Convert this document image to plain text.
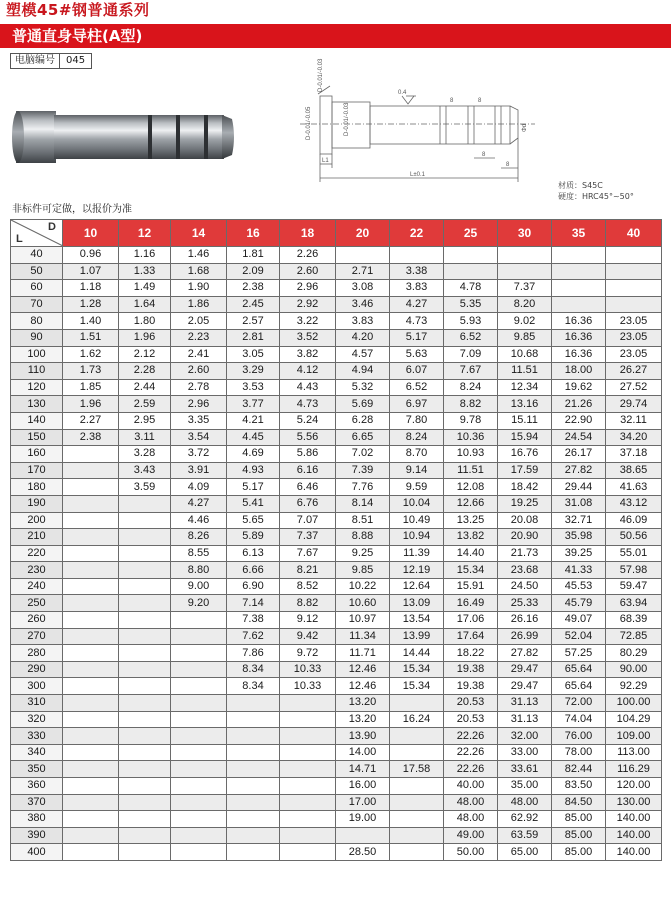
塑模45#钢普通系列
普通直身导柱(A型)
电脑编号	045
0.4
D-0.01/-0.03
D-0.01/-0.05	D-0.01/-0.03	Φd
L1
L±0.1
8
8
8	8
材质：S45C
硬度：HRC45°~50°
非标件可定做，以报价为准
D
L	10	12	14	16	18	20	22	25	30	35	40
40	0.96	1.16	1.46	1.81	2.26						
50	1.07	1.33	1.68	2.09	2.60	2.71	3.38				
60	1.18	1.49	1.90	2.38	2.96	3.08	3.83	4.78	7.37		
70	1.28	1.64	1.86	2.45	2.92	3.46	4.27	5.35	8.20		
80	1.40	1.80	2.05	2.57	3.22	3.83	4.73	5.93	9.02	16.36	23.05
90	1.51	1.96	2.23	2.81	3.52	4.20	5.17	6.52	9.85	16.36	23.05
100	1.62	2.12	2.41	3.05	3.82	4.57	5.63	7.09	10.68	16.36	23.05
110	1.73	2.28	2.60	3.29	4.12	4.94	6.07	7.67	11.51	18.00	26.27
120	1.85	2.44	2.78	3.53	4.43	5.32	6.52	8.24	12.34	19.62	27.52
130	1.96	2.59	2.96	3.77	4.73	5.69	6.97	8.82	13.16	21.26	29.74
140	2.27	2.95	3.35	4.21	5.24	6.28	7.80	9.78	15.11	22.90	32.11
150	2.38	3.11	3.54	4.45	5.56	6.65	8.24	10.36	15.94	24.54	34.20
160		3.28	3.72	4.69	5.86	7.02	8.70	10.93	16.76	26.17	37.18
170		3.43	3.91	4.93	6.16	7.39	9.14	11.51	17.59	27.82	38.65
180		3.59	4.09	5.17	6.46	7.76	9.59	12.08	18.42	29.44	41.63
190			4.27	5.41	6.76	8.14	10.04	12.66	19.25	31.08	43.12
200			4.46	5.65	7.07	8.51	10.49	13.25	20.08	32.71	46.09
210			8.26	5.89	7.37	8.88	10.94	13.82	20.90	35.98	50.56
220			8.55	6.13	7.67	9.25	11.39	14.40	21.73	39.25	55.01
230			8.80	6.66	8.21	9.85	12.19	15.34	23.68	41.33	57.98
240			9.00	6.90	8.52	10.22	12.64	15.91	24.50	45.53	59.47
250			9.20	7.14	8.82	10.60	13.09	16.49	25.33	45.79	63.94
260				7.38	9.12	10.97	13.54	17.06	26.16	49.07	68.39
270				7.62	9.42	11.34	13.99	17.64	26.99	52.04	72.85
280				7.86	9.72	11.71	14.44	18.22	27.82	57.25	80.29
290				8.34	10.33	12.46	15.34	19.38	29.47	65.64	90.00
300				8.34	10.33	12.46	15.34	19.38	29.47	65.64	92.29
310						13.20		20.53	31.13	72.00	100.00
320						13.20	16.24	20.53	31.13	74.04	104.29
330						13.90		22.26	32.00	76.00	109.00
340						14.00		22.26	33.00	78.00	113.00
350						14.71	17.58	22.26	33.61	82.44	116.29
360						16.00		40.00	35.00	83.50	120.00
370						17.00		48.00	48.00	84.50	130.00
380						19.00		48.00	62.92	85.00	140.00
390								49.00	63.59	85.00	140.00
400						28.50		50.00	65.00	85.00	140.00
